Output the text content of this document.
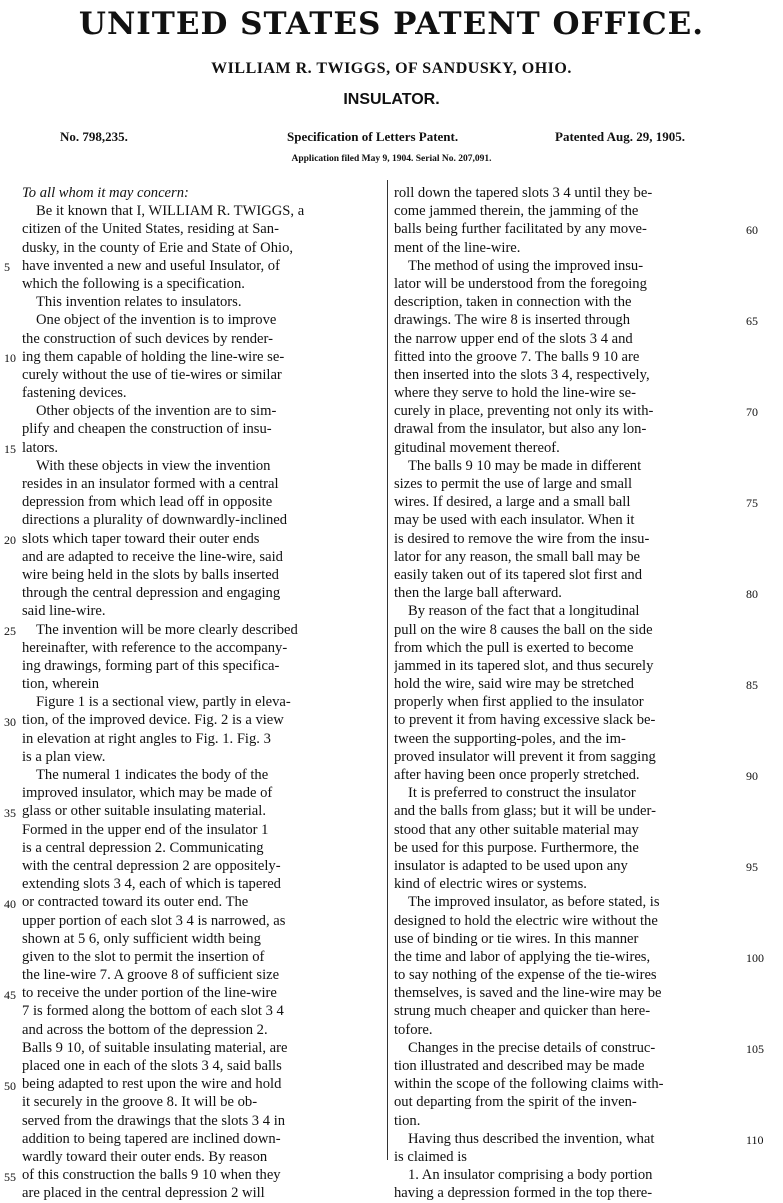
UNITED STATES PATENT OFFICE.
WILLIAM R. TWIGGS, OF SANDUSKY, OHIO.
INSULATOR.
No. 798,235.	Specification of Letters Patent.	Patented Aug. 29, 1905.
Application filed May 9, 1904. Serial No. 207,091.
To all whom it may concern:
Be it known that I, WILLIAM R. TWIGGS, a
citizen of the United States, residing at San-
dusky, in the county of Erie and State of Ohio,
have invented a new and useful Insulator, of
which the following is a specification.
This invention relates to insulators.
One object of the invention is to improve
the construction of such devices by render-
ing them capable of holding the line-wire se-
curely without the use of tie-wires or similar
fastening devices.
Other objects of the invention are to sim-
plify and cheapen the construction of insu-
lators.
With these objects in view the invention
resides in an insulator formed with a central
depression from which lead off in opposite
directions a plurality of downwardly-inclined
slots which taper toward their outer ends
and are adapted to receive the line-wire, said
wire being held in the slots by balls inserted
through the central depression and engaging
said line-wire.
The invention will be more clearly described
hereinafter, with reference to the accompany-
ing drawings, forming part of this specifica-
tion, wherein
Figure 1 is a sectional view, partly in eleva-
tion, of the improved device. Fig. 2 is a view
in elevation at right angles to Fig. 1. Fig. 3
is a plan view.
The numeral 1 indicates the body of the
improved insulator, which may be made of
glass or other suitable insulating material.
Formed in the upper end of the insulator 1
is a central depression 2. Communicating
with the central depression 2 are oppositely-
extending slots 3 4, each of which is tapered
or contracted toward its outer end. The
upper portion of each slot 3 4 is narrowed, as
shown at 5 6, only sufficient width being
given to the slot to permit the insertion of
the line-wire 7. A groove 8 of sufficient size
to receive the under portion of the line-wire
7 is formed along the bottom of each slot 3 4
and across the bottom of the depression 2.
Balls 9 10, of suitable insulating material, are
placed one in each of the slots 3 4, said balls
being adapted to rest upon the wire and hold
it securely in the groove 8. It will be ob-
served from the drawings that the slots 3 4 in
addition to being tapered are inclined down-
wardly toward their outer ends. By reason
of this construction the balls 9 10 when they
are placed in the central depression 2 will
roll down the tapered slots 3 4 until they be-
come jammed therein, the jamming of the
balls being further facilitated by any move-
ment of the line-wire.
The method of using the improved insu-
lator will be understood from the foregoing
description, taken in connection with the
drawings. The wire 8 is inserted through
the narrow upper end of the slots 3 4 and
fitted into the groove 7. The balls 9 10 are
then inserted into the slots 3 4, respectively,
where they serve to hold the line-wire se-
curely in place, preventing not only its with-
drawal from the insulator, but also any lon-
gitudinal movement thereof.
The balls 9 10 may be made in different
sizes to permit the use of large and small
wires. If desired, a large and a small ball
may be used with each insulator. When it
is desired to remove the wire from the insu-
lator for any reason, the small ball may be
easily taken out of its tapered slot first and
then the large ball afterward.
By reason of the fact that a longitudinal
pull on the wire 8 causes the ball on the side
from which the pull is exerted to become
jammed in its tapered slot, and thus securely
hold the wire, said wire may be stretched
properly when first applied to the insulator
to prevent it from having excessive slack be-
tween the supporting-poles, and the im-
proved insulator will prevent it from sagging
after having been once properly stretched.
It is preferred to construct the insulator
and the balls from glass; but it will be under-
stood that any other suitable material may
be used for this purpose. Furthermore, the
insulator is adapted to be used upon any
kind of electric wires or systems.
The improved insulator, as before stated, is
designed to hold the electric wire without the
use of binding or tie wires. In this manner
the time and labor of applying the tie-wires,
to say nothing of the expense of the tie-wires
themselves, is saved and the line-wire may be
strung much cheaper and quicker than here-
tofore.
Changes in the precise details of construc-
tion illustrated and described may be made
within the scope of the following claims with-
out departing from the spirit of the inven-
tion.
Having thus described the invention, what
is claimed is
1. An insulator comprising a body portion
having a depression formed in the top there-
5
10
15
20
25
30
35
40
45
50
55
60
65
70
75
80
85
90
95
100
105
110
